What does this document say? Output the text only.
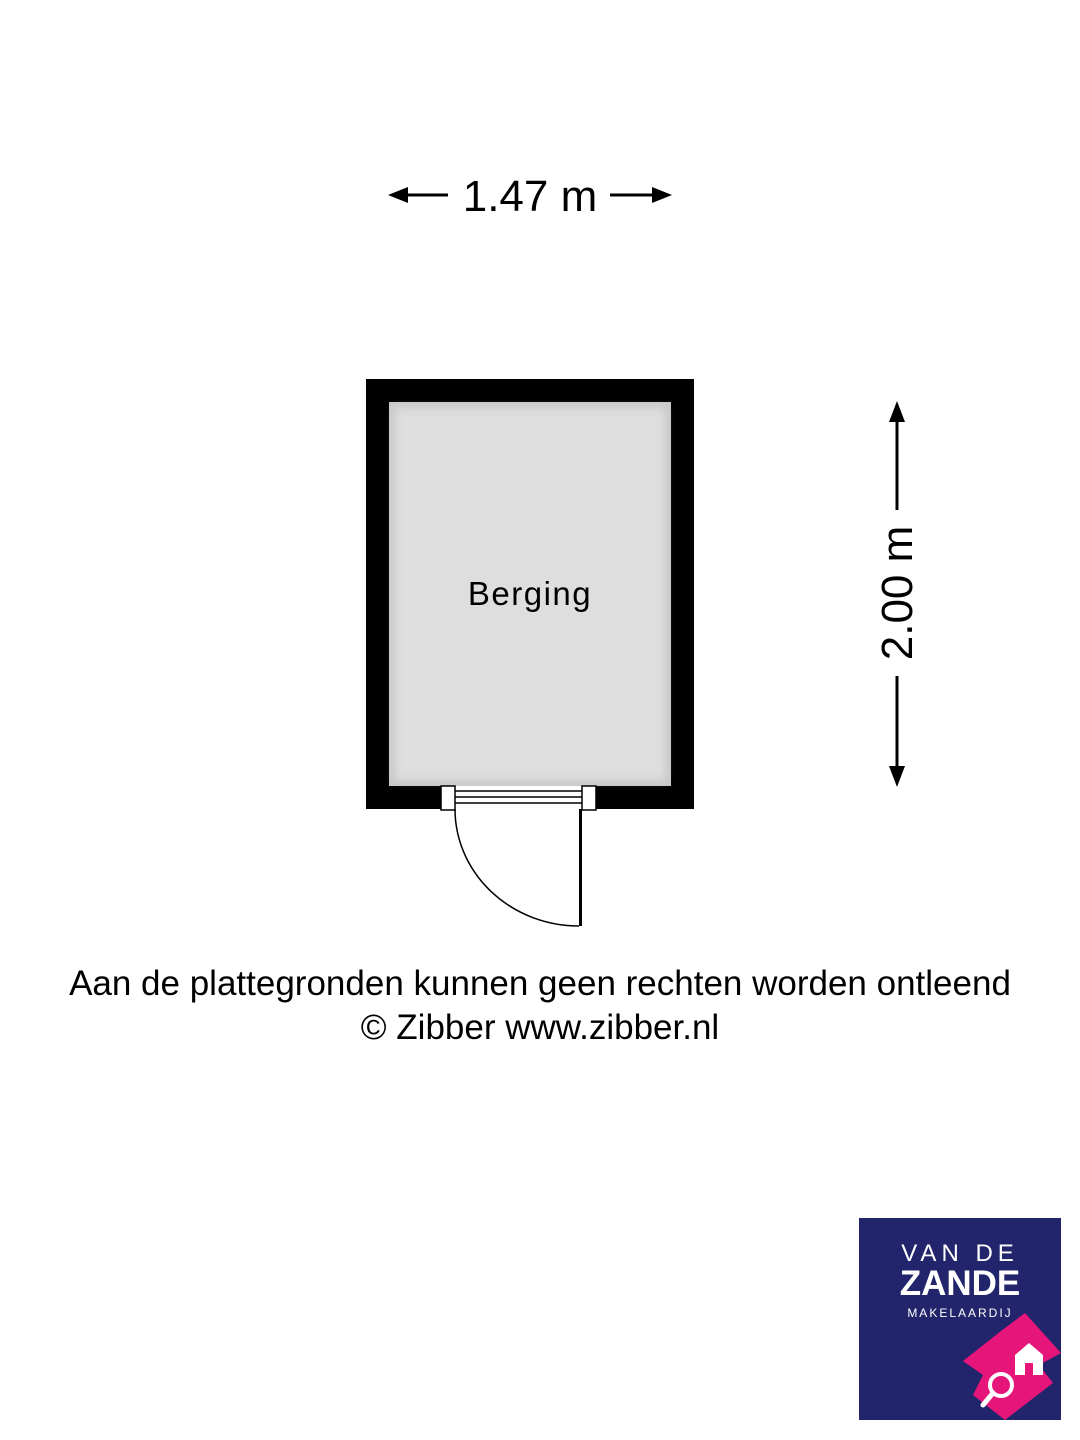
1.47 m
2.00 m
Berging
Aan de plattegronden kunnen geen rechten worden ontleend
© Zibber www.zibber.nl
VAN DE
ZANDE
MAKELAARDIJ
